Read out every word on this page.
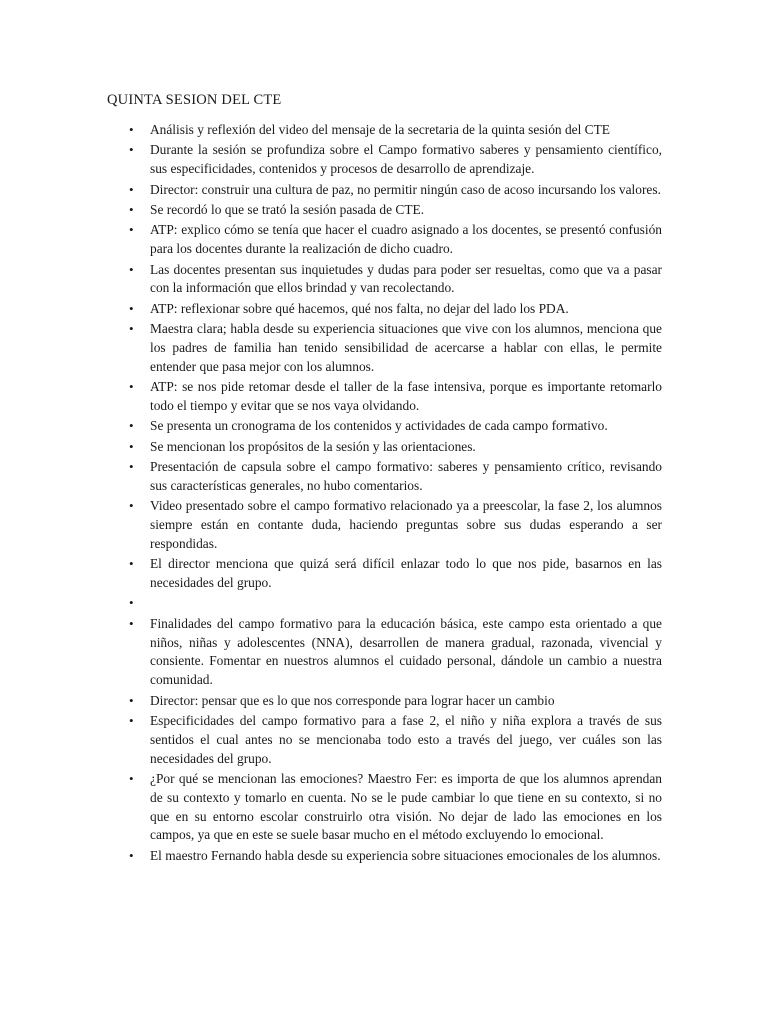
QUINTA SESION DEL CTE
• Análisis y reflexión del video del mensaje de la secretaria de la quinta sesión del CTE
• Durante la sesión se profundiza sobre el Campo formativo saberes y pensamiento científico, sus especificidades, contenidos y procesos de desarrollo de aprendizaje.
• Director: construir una cultura de paz, no permitir ningún caso de acoso incursando los valores.
• Se recordó lo que se trató la sesión pasada de CTE.
• ATP: explico cómo se tenía que hacer el cuadro asignado a los docentes, se presentó confusión para los docentes durante la realización de dicho cuadro.
• Las docentes presentan sus inquietudes y dudas para poder ser resueltas, como que va a pasar con la información que ellos brindad y van recolectando.
• ATP: reflexionar sobre qué hacemos, qué nos falta, no dejar del lado los PDA.
• Maestra clara; habla desde su experiencia situaciones que vive con los alumnos, menciona que los padres de familia han tenido sensibilidad de acercarse a hablar con ellas, le permite entender que pasa mejor con los alumnos.
• ATP: se nos pide retomar desde el taller de la fase intensiva, porque es importante retomarlo todo el tiempo y evitar que se nos vaya olvidando.
• Se presenta un cronograma de los contenidos y actividades de cada campo formativo.
• Se mencionan los propósitos de la sesión y las orientaciones.
• Presentación de capsula sobre el campo formativo: saberes y pensamiento crítico, revisando sus características generales, no hubo comentarios.
• Video presentado sobre el campo formativo relacionado ya a preescolar, la fase 2, los alumnos siempre están en contante duda, haciendo preguntas sobre sus dudas esperando a ser respondidas.
• El director menciona que quizá será difícil enlazar todo lo que nos pide, basarnos en las necesidades del grupo.
•
• Finalidades del campo formativo para la educación básica, este campo esta orientado a que niños, niñas y adolescentes (NNA), desarrollen de manera gradual, razonada, vivencial y consiente. Fomentar en nuestros alumnos el cuidado personal, dándole un cambio a nuestra comunidad.
• Director: pensar que es lo que nos corresponde para lograr hacer un cambio
• Especificidades del campo formativo para a fase 2, el niño y niña explora a través de sus sentidos el cual antes no se mencionaba todo esto a través del juego, ver cuáles son las necesidades del grupo.
• ¿Por qué se mencionan las emociones? Maestro Fer: es importa de que los alumnos aprendan de su contexto y tomarlo en cuenta. No se le pude cambiar lo que tiene en su contexto, si no que en su entorno escolar construirlo otra visión. No dejar de lado las emociones en los campos, ya que en este se suele basar mucho en el método excluyendo lo emocional.
• El maestro Fernando habla desde su experiencia sobre situaciones emocionales de los alumnos.
